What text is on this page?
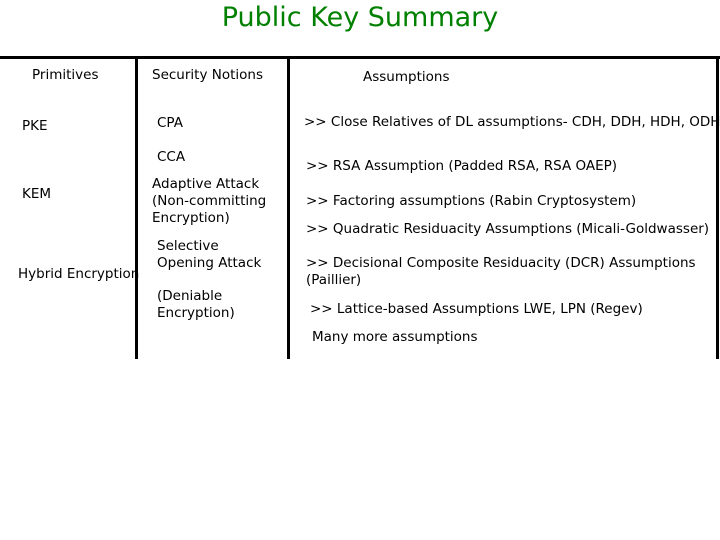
Public Key Summary
Primitives	Security Notions	Assumptions
PKE
KEM
Hybrid Encryption
CPA
CCA
Adaptive Attack (Non-committing Encryption)
Selective Opening Attack
(Deniable Encryption)
>> Close Relatives of DL assumptions- CDH, DDH, HDH, ODH
>> RSA Assumption (Padded RSA, RSA OAEP)
>> Factoring assumptions (Rabin Cryptosystem)
>> Quadratic Residuacity Assumptions (Micali-Goldwasser)
>> Decisional Composite Residuacity (DCR) Assumptions (Paillier)
>> Lattice-based Assumptions LWE, LPN (Regev)
Many more assumptions
